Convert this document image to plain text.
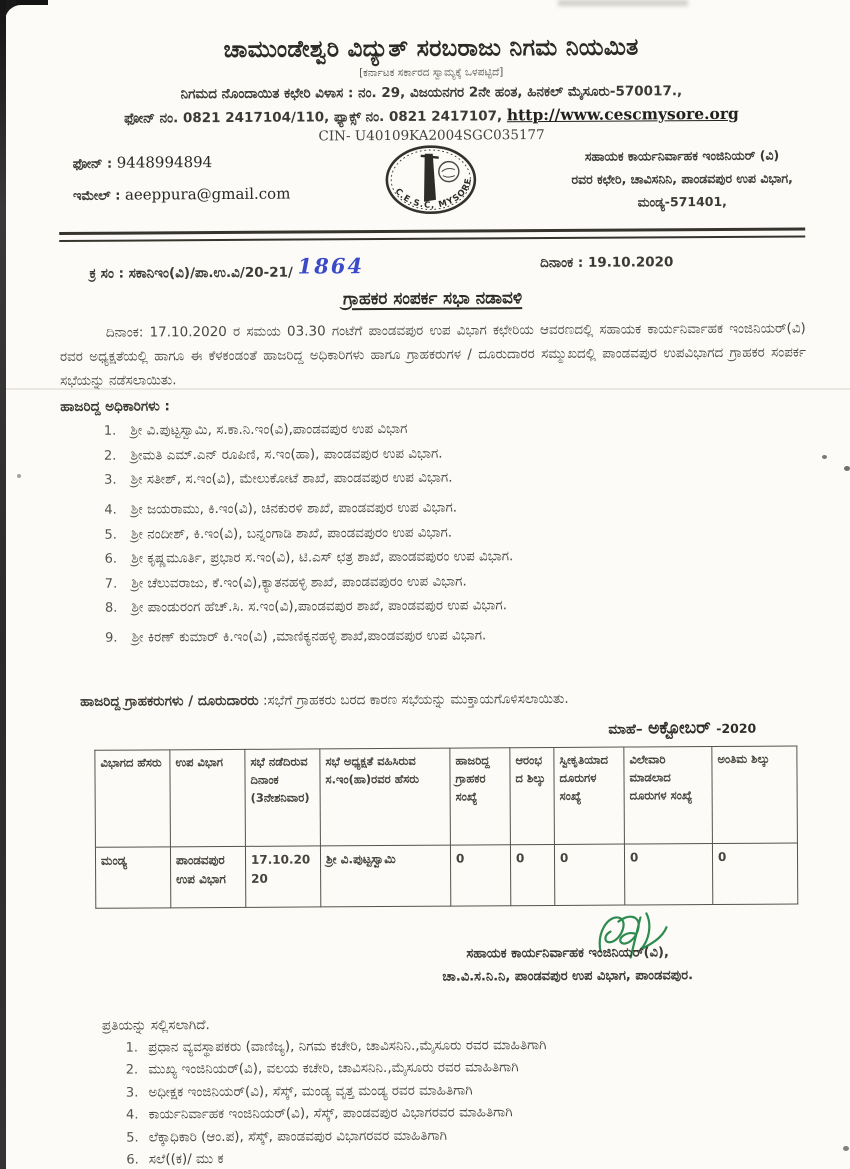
ಚಾಮುಂಡೇಶ್ವರಿ ವಿದ್ಯುತ್ ಸರಬರಾಜು ನಿಗಮ ನಿಯಮಿತ
[ಕರ್ನಾಟಕ ಸರ್ಕಾರದ ಸ್ವಾಮ್ಯಕ್ಕೆ ಒಳಪಟ್ಟಿದೆ]
ನಿಗಮದ ನೊಂದಾಯಿತ ಕಛೇರಿ ವಿಳಾಸ : ನಂ. 29, ವಿಜಯನಗರ 2ನೇ ಹಂತ, ಹಿನಕಲ್ ಮೈಸೂರು-570017.,
ಫೋನ್ ನಂ. 0821 2417104/110, ಫ್ಯಾಕ್ಸ್ ನಂ. 0821 2417107, http://www.cescmysore.org
CIN- U40109KA2004SGC035177
ಫೋನ್ : 9448994894
ಇಮೇಲ್ : aeeppura@gmail.com	C.E.S.C, MYSORE
ಸಹಾಯಕ ಕಾರ್ಯನಿರ್ವಾಹಕ ಇಂಜಿನಿಯರ್ (ವಿ)
ರವರ ಕಛೇರಿ, ಚಾವಿಸನಿನಿ, ಪಾಂಡವಪುರ ಉಪ ವಿಭಾಗ,
ಮಂಡ್ಯ-571401,
ಕ್ರ ಸಂ : ಸಕಾನಿಇಂ(ವಿ)/ಪಾ.ಉ.ವಿ/20-21/ 1864	ದಿನಾಂಕ : 19.10.2020
ಗ್ರಾಹಕರ ಸಂಪರ್ಕ ಸಭಾ ನಡಾವಳಿ
ದಿನಾಂಕ: 17.10.2020 ರ ಸಮಯ 03.30 ಗಂಟೆಗೆ ಪಾಂಡವಪುರ ಉಪ ವಿಭಾಗ ಕಛೇರಿಯ ಆವರಣದಲ್ಲಿ ಸಹಾಯಕ ಕಾರ್ಯನಿರ್ವಾಹಕ ಇಂಜಿನಿಯರ್(ವಿ) ರವರ ಅಧ್ಯಕ್ಷತೆಯಲ್ಲಿ ಹಾಗೂ ಈ ಕೆಳಕಂಡಂತೆ ಹಾಜರಿದ್ದ ಅಧಿಕಾರಿಗಳು ಹಾಗೂ ಗ್ರಾಹಕರುಗಳ / ದೂರುದಾರರ ಸಮ್ಮುಖದಲ್ಲಿ ಪಾಂಡವಪುರ ಉಪವಿಭಾಗದ ಗ್ರಾಹಕರ ಸಂಪರ್ಕ ಸಭೆಯನ್ನು ನಡೆಸಲಾಯಿತು.
ಹಾಜರಿದ್ದ ಅಧಿಕಾರಿಗಳು :
1. ಶ್ರೀ ವಿ.ಪುಟ್ಟಸ್ವಾಮಿ, ಸ.ಕಾ.ನಿ.ಇಂ(ವಿ),ಪಾಂಡವಪುರ ಉಪ ವಿಭಾಗ
2. ಶ್ರೀಮತಿ ಎಮ್.ಎನ್ ರೂಪಿಣಿ, ಸ.ಇಂ(ಹಾ), ಪಾಂಡವಪುರ ಉಪ ವಿಭಾಗ.
3. ಶ್ರೀ ಸತೀಶ್, ಸ.ಇಂ(ವಿ), ಮೇಲುಕೋಟೆ ಶಾಖೆ, ಪಾಂಡವಪುರ ಉಪ ವಿಭಾಗ.
4. ಶ್ರೀ ಜಯರಾಮು, ಕಿ.ಇಂ(ವಿ), ಚಿನಕುರಳಿ ಶಾಖೆ, ಪಾಂಡವಪುರ ಉಪ ವಿಭಾಗ.
5. ಶ್ರೀ ನಂದೀಶ್, ಕಿ.ಇಂ(ವಿ), ಬನ್ನಂಗಾಡಿ ಶಾಖೆ, ಪಾಂಡವಪುರಂ ಉಪ ವಿಭಾಗ.
6. ಶ್ರೀ ಕೃಷ್ಣಮೂರ್ತಿ, ಪ್ರಭಾರ ಸ.ಇಂ(ವಿ), ಟಿ.ಎಸ್ ಛತ್ರ ಶಾಖೆ, ಪಾಂಡವಪುರಂ ಉಪ ವಿಭಾಗ.
7. ಶ್ರೀ ಚೆಲುವರಾಜು, ಕೆ.ಇಂ(ವಿ),ಕ್ಯಾತನಹಳ್ಳಿ ಶಾಖೆ, ಪಾಂಡವಪುರಂ ಉಪ ವಿಭಾಗ.
8. ಶ್ರೀ ಪಾಂಡುರಂಗ ಹೆಚ್.ಸಿ. ಸ.ಇಂ(ವಿ),ಪಾಂಡವಪುರ ಶಾಖೆ, ಪಾಂಡವಪುರ ಉಪ ವಿಭಾಗ.
9. ಶ್ರೀ ಕಿರಣ್ ಕುಮಾರ್ ಕಿ.ಇಂ(ವಿ) ,ಮಾಣಿಕ್ಯನಹಳ್ಳಿ ಶಾಖೆ,ಪಾಂಡವಪುರ ಉಪ ವಿಭಾಗ.
ಹಾಜರಿದ್ದ ಗ್ರಾಹಕರುಗಳು / ದೂರುದಾರರು :ಸಭೆಗೆ ಗ್ರಾಹಕರು ಬರದ ಕಾರಣ ಸಭೆಯನ್ನು ಮುಕ್ತಾಯಗೊಳಿಸಲಾಯಿತು.
ಮಾಹೆ– ಅಕ್ಟೋಬರ್ -2020
ವಿಭಾಗದ ಹೆಸರು	ಉಪ ವಿಭಾಗ	ಸಭೆ ನಡೆದಿರುವ ದಿನಾಂಕ (3ನೇಶನಿವಾರ)	ಸಭೆ ಅಧ್ಯಕ್ಷತೆ ವಹಿಸಿರುವ ಸ.ಇಂ(ಹಾ)ರವರ ಹೆಸರು	ಹಾಜರಿದ್ದ ಗ್ರಾಹಕರ ಸಂಖ್ಯೆ	ಆರಂಭದ ಶಿಲ್ಕು	ಸ್ವೀಕೃತಿಯಾದ ದೂರುಗಳ ಸಂಖ್ಯೆ	ವಿಲೇವಾರಿ ಮಾಡಲಾದ ದೂರುಗಳ ಸಂಖ್ಯೆ	ಅಂತಿಮ ಶಿಲ್ಕು
ಮಂಡ್ಯ	ಪಾಂಡವಪುರ ಉಪ ವಿಭಾಗ	17.10.2020	ಶ್ರೀ ವಿ.ಪುಟ್ಟಸ್ವಾಮಿ	0	0	0	0	0
ಸಹಾಯಕ ಕಾರ್ಯನಿರ್ವಾಹಕ ಇಂಜಿನಿಯರ್(ವಿ),
ಚಾ.ವಿ.ಸ.ನಿ.ನಿ, ಪಾಂಡವಪುರ ಉಪ ವಿಭಾಗ, ಪಾಂಡವಪುರ.
ಪ್ರತಿಯನ್ನು ಸಲ್ಲಿಸಲಾಗಿದೆ.
1. ಪ್ರಧಾನ ವ್ಯವಸ್ಥಾಪಕರು (ವಾಣಿಜ್ಯ), ನಿಗಮ ಕಚೇರಿ, ಚಾವಿಸನಿನಿ.,ಮೈಸೂರು ರವರ ಮಾಹಿತಿಗಾಗಿ
2. ಮುಖ್ಯ ಇಂಜಿನಿಯರ್(ವಿ), ವಲಯ ಕಚೇರಿ, ಚಾವಿಸನಿನಿ.,ಮೈಸೂರು ರವರ ಮಾಹಿತಿಗಾಗಿ
3. ಅಧೀಕ್ಷಕ ಇಂಜಿನಿಯರ್(ವಿ), ಸೆಸ್ಕ್, ಮಂಡ್ಯ ವೃತ್ತ ಮಂಡ್ಯ ರವರ ಮಾಹಿತಿಗಾಗಿ
4. ಕಾರ್ಯನಿರ್ವಾಹಕ ಇಂಜಿನಿಯರ್(ವಿ), ಸೆಸ್ಕ್, ಪಾಂಡವಪುರ ವಿಭಾಗರವರ ಮಾಹಿತಿಗಾಗಿ
5. ಲೆಕ್ಕಾಧಿಕಾರಿ (ಆಂ.ಪ), ಸೆಸ್ಕ್, ಪಾಂಡವಪುರ ವಿಭಾಗರವರ ಮಾಹಿತಿಗಾಗಿ
6. ಸಲೆ((ಕ)/ ಮು ಕ
